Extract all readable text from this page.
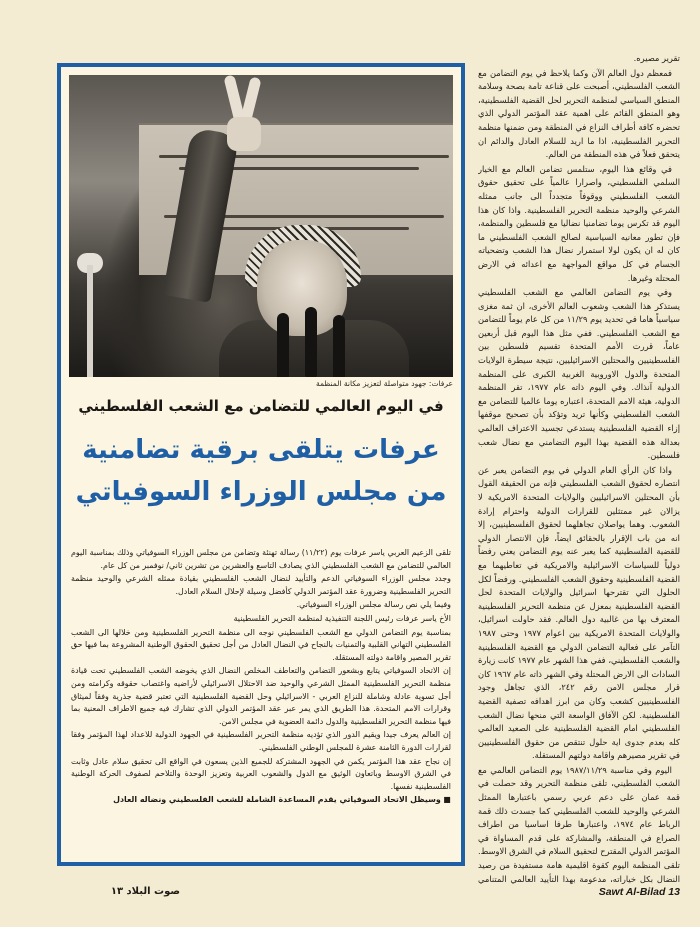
تقرير مصيره.

فمعظم دول العالم الآن وكما يلاحظ في يوم التضامن مع الشعب الفلسطيني، أصبحت على قناعة تامة بصحة وسلامة المنطق السياسي لمنظمة التحرير لحل القضية الفلسطينية، وهو المنطق القائم على اهمية عقد المؤتمر الدولي الذي تحضره كافة أطراف النزاع في المنطقة ومن ضمنها منظمة التحرير الفلسطينية، اذا ما اريد للسلام العادل والدائم ان يتحقق فعلاً في هذه المنطقة من العالم.

في وقائع هذا اليوم، ستلمس تضامن العالم مع الخيار السلمي الفلسطيني، واصرارا عالمياً على تحقيق حقوق الشعب الفلسطيني ووقوفاً متجدداً الى جانب ممثله الشرعي والوحيد منظمة التحرير الفلسطينية. واذا كان هذا اليوم قد تكرس يوما تضامنيا نضاليا مع فلسطين والمنظمة، فإن تطور معانيه السياسية لصالح الشعب الفلسطيني ما كان له ان يكون لولا استمرار نضال هذا الشعب وتضحياته الجسام في كل مواقع المواجهة مع اعدائه في الارض المحتلة وغيرها.

وفي يوم التضامن العالمي مع الشعب الفلسطيني يستذكر هذا الشعب وشعوب العالم الأخرى، ان ثمة مغزى سياسياً هاما في تحديد يوم ١١/٢٩ من كل عام يوماً للتضامن مع الشعب الفلسطيني. ففي مثل هذا اليوم قبل أربعين عاماً، قررت الأمم المتحدة تقسيم فلسطين بين الفلسطينيين والمحتلين الاسرائيليين، نتيجة سيطرة الولايات المتحدة والدول الاوروبية الغربية الكبرى على المنظمة الدولية آنذاك. وفي اليوم ذاته عام ١٩٧٧، تقر المنظمة الدولية، هيئة الامم المتحدة، اعتباره يوما عالميا للتضامن مع الشعب الفلسطيني وكأنها تريد وتؤكد بأن تصحيح موقفها إزاء القضية الفلسطينية يستدعي تجسيد الاعتراف العالمي بعدالة هذه القضية بهذا اليوم التضامني مع نضال شعب فلسطين.

واذا كان الرأي العام الدولي في يوم التضامن يعبر عن انتصاره لحقوق الشعب الفلسطيني فإنه من الحقيقة القول بأن المحتلين الاسرائيليين والولايات المتحدة الامريكية لا يزالان غير ممتثلين للقرارات الدولية واحترام إرادة الشعوب. وهما يواصلان تجاهلهما لحقوق الفلسطينيين، إلا انه من باب الإقرار بالحقائق ايضاً، فإن الانتصار الدولي للقضية الفلسطينية كما يعبر عنه يوم التضامن يعني رفضاً دولياً للسياسات الاسرائيلية والامريكية في تعاطيهما مع القضية الفلسطينية وحقوق الشعب الفلسطيني. ورفضاً لكل الحلول التي تقترحها اسرائيل والولايات المتحدة لحل القضية الفلسطينية بمعزل عن منظمة التحرير الفلسطينية المعترف بها من غالبية دول العالم. فقد حاولت اسرائيل، والولايات المتحدة الامريكية بين اعوام ١٩٧٧ وحتى ١٩٨٧ التآمر على فعالية التضامن الدولي مع القضية الفلسطينية والشعب الفلسطيني، ففي هذا الشهر عام ١٩٧٧ كانت زيارة السادات الى الارض المحتلة وفي الشهر ذاته عام ١٩٦٧ كان قرار مجلس الامن رقم ٢٤٢، الذي تجاهل وجود الفلسطينيين كشعب وكان من ابرز اهدافه تصفية القضية الفلسطينية. لكن الآفاق الواسعة التي منحها نضال الشعب الفلسطيني امام القضية الفلسطينية على الصعيد العالمي كله بعدم جدوى اية حلول تنتقص من حقوق الفلسطينيين في تقرير مصيرهم واقامة دولتهم المستقلة.

اليوم وفي مناسبة ١٩٨٧/١١/٢٩ يوم التضامن العالمي مع الشعب الفلسطيني، تلقى منظمة التحرير وقد حصلت في قمة عمان على دعم عربي رسمي باعتبارها الممثل الشرعي والوحيد للشعب الفلسطيني كما جسدت ذلك قمة الرباط عام ١٩٧٤، واعتبارها طرفا اساسيا من اطراف الصراع في المنطقة، والمشاركة على قدم المساواة في المؤتمر الدولي المقترح لتحقيق السلام في الشرق الاوسط. تلقى المنظمة اليوم كقوة اقليمية هامة مستفيدة من رصيد النضال بكل خياراته، مدعومة بهذا التأييد العالمي المتنامي

عرفات: جهود متواصلة لتعزيز مكانة المنظمة
في اليوم العالمي للتضامن مع الشعب الفلسطيني
عرفات يتلقى برقية تضامنية من مجلس الوزراء السوفياتي

تلقى الزعيم العربي ياسر عرفات يوم (١١/٢٢) رسالة تهنئة وتضامن من مجلس الوزراء السوفياتي وذلك بمناسبة اليوم العالمي للتضامن مع الشعب الفلسطيني الذي يصادف التاسع والعشرين من تشرين ثاني/ نوفمبر من كل عام.

وجدد مجلس الوزراء السوفياتي الدعم والتأييد لنضال الشعب الفلسطيني بقيادة ممثله الشرعي والوحيد منظمة التحرير الفلسطينية وضرورة عقد المؤتمر الدولي كأفضل وسيلة لإحلال السلام العادل.

وفيما يلي نص رسالة مجلس الوزراء السوفياتي.

الأخ ياسر عرفات رئيس اللجنة التنفيذية لمنظمة التحرير الفلسطينية

بمناسبة يوم التضامن الدولي مع الشعب الفلسطيني نوجه الى منظمة التحرير الفلسطينية ومن خلالها الى الشعب الفلسطيني التهاني القلبية والتمنيات بالنجاح في النضال العادل من أجل تحقيق الحقوق الوطنية المشروعة بما فيها حق تقرير المصير واقامة دولته المستقلة.

إن الاتحاد السوفياتي يتابع وبشعور التضامن والتعاطف المخلص النضال الذي يخوضه الشعب الفلسطيني تحت قيادة منظمة التحرير الفلسطينية الممثل الشرعي والوحيد ضد الاحتلال الاسرائيلي لأراضيه واغتصاب حقوقه وكرامته ومن أجل تسوية عادلة وشاملة للنزاع العربي - الاسرائيلي وحل القضية الفلسطينية التي تعتبر قضية جذرية وفقاً لميثاق وقرارات الامم المتحدة. هذا الطريق الذي يمر عبر عقد المؤتمر الدولي الذي تشارك فيه جميع الاطراف المعنية بما فيها منظمة التحرير الفلسطينية والدول دائمة العضوية في مجلس الامن.

إن العالم يعرف جيدا ويقيم الدور الذي تؤديه منظمة التحرير الفلسطينية في الجهود الدولية للاعداد لهذا المؤتمر وفقا لقرارات الدورة الثامنة عشرة للمجلس الوطني الفلسطيني.

إن نجاح عقد هذا المؤتمر يكمن في الجهود المشتركة للجميع الذين يسعون في الواقع الى تحقيق سلام عادل وثابت في الشرق الاوسط وباتعاون الوثيق مع الدول والشعوب العربية وتعزيز الوحدة والتلاحم لصفوف الحركة الوطنية الفلسطينية نفسها.

■ وسيظل الاتحاد السوفياتي يقدم المساعدة الشاملة للشعب الفلسطيني ونضاله العادل

Sawt Al-Bilad 13
صوت البلاد ١٣
